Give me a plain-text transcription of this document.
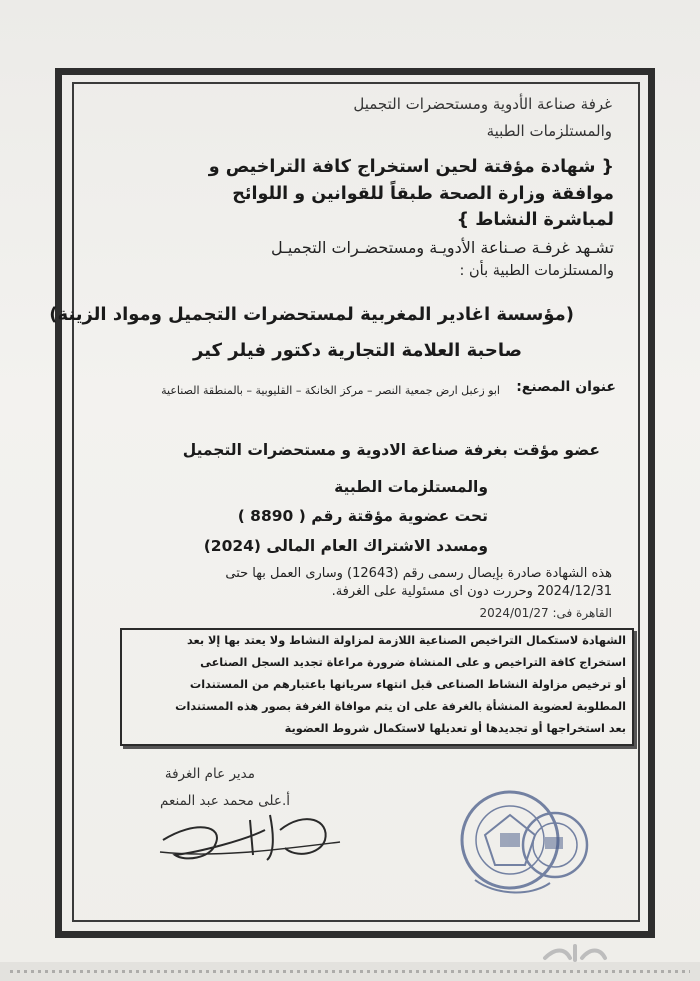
غرفة صناعة الأدوية ومستحضرات التجميل
والمستلزمات الطبية
{ شهادة مؤقتة لحين استخراج كافة التراخيص و
موافقة وزارة الصحة طبقاً للقوانين و اللوائح
لمباشرة النشاط }
تشـهد غرفـة صـناعة الأدويـة ومستحضـرات التجميـل
والمستلزمات الطبية بأن :
(مؤسسة اغادير المغربية لمستحضرات التجميل ومواد الزينة)
صاحبة العلامة التجارية دكتور فيلر كير
عنوان المصنع:
ابو زعبل ارض جمعية النصر – مركز الخانكة – القليوبية – بالمنطقة الصناعية
عضو مؤقت بغرفة صناعة الادوية و مستحضرات التجميل
والمستلزمات الطبية
تحت عضوية مؤقتة رقم ( 8890 )
ومسدد الاشتراك العام المالى (2024)
هذه الشهادة صادرة بإيصال رسمى رقم (12643) وسارى العمل بها حتى
2024/12/31 وحررت دون اى مسئولية على الغرفة.
القاهرة فى: 2024/01/27
الشهادة لاستكمال التراخيص الصناعية اللازمة لمزاولة النشاط ولا يعتد بها إلا بعد
استخراج كافة التراخيص و على المنشاة ضرورة مراعاة تجديد السجل الصناعى
أو ترخيص مزاولة النشاط الصناعى قبل انتهاء سريانها باعتبارهم من المستندات
المطلوبة لعضوية المنشأة بالغرفة على ان يتم موافاة الغرفة بصور هذه المستندات
بعد استخراجها أو تجديدها أو تعديلها لاستكمال شروط العضوية
مدير عام الغرفة
أ.على محمد عبد المنعم
